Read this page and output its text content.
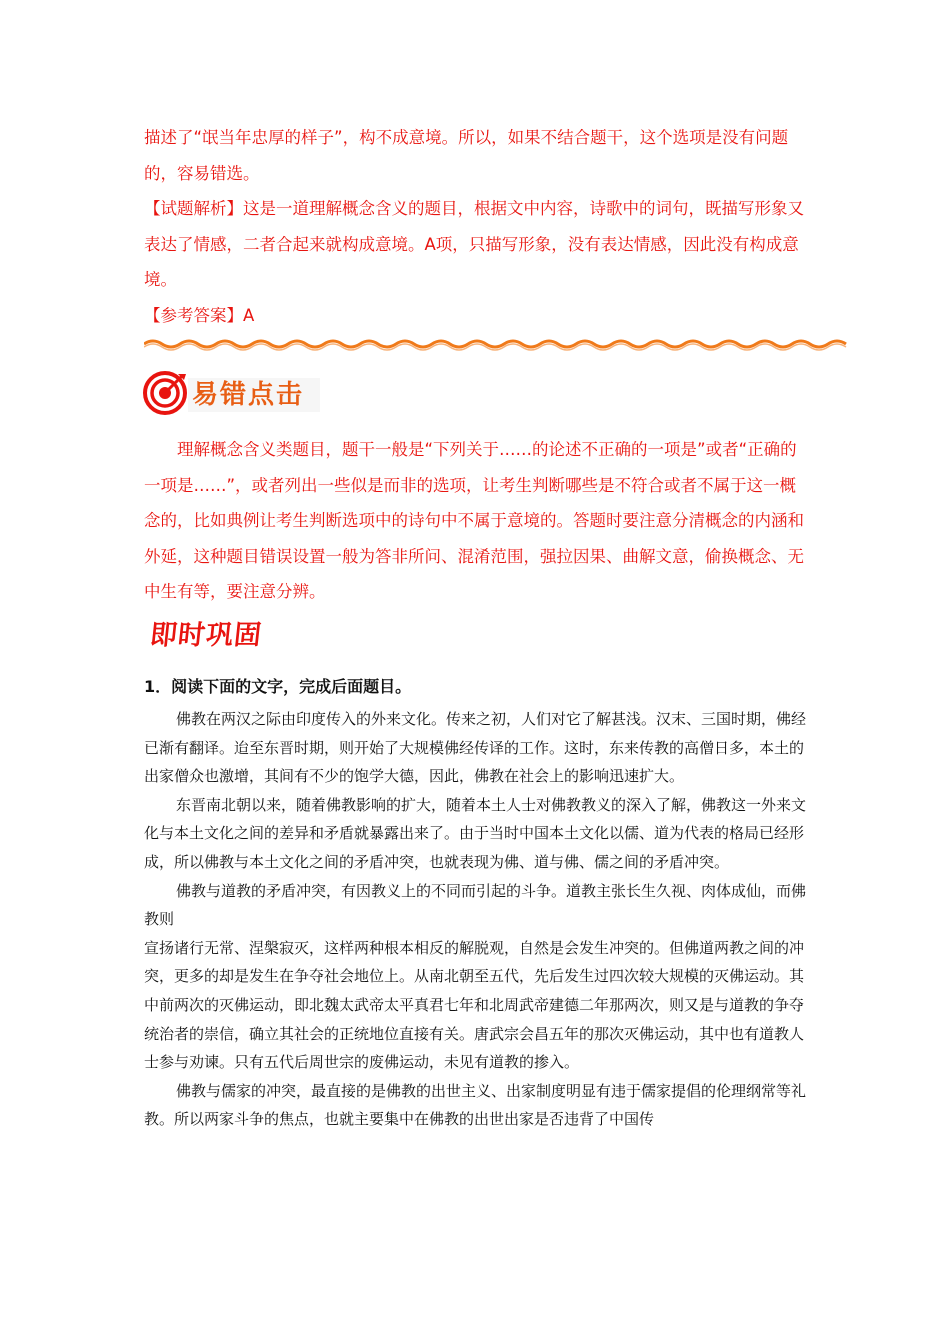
描述了“氓当年忠厚的样子”，构不成意境。所以，如果不结合题干，这个选项是没有问题的，容易错选。

【试题解析】这是一道理解概念含义的题目，根据文中内容，诗歌中的词句，既描写形象又表达了情感，二者合起来就构成意境。A项，只描写形象，没有表达情感，因此没有构成意境。

【参考答案】A

易错点击

理解概念含义类题目，题干一般是“下列关于……的论述不正确的一项是”或者“正确的一项是……”，或者列出一些似是而非的选项，让考生判断哪些是不符合或者不属于这一概念的，比如典例让考生判断选项中的诗句中不属于意境的。答题时要注意分清概念的内涵和外延，这种题目错误设置一般为答非所问、混淆范围，强拉因果、曲解文意，偷换概念、无中生有等，要注意分辨。

即时巩固
1．阅读下面的文字，完成后面题目。

佛教在两汉之际由印度传入的外来文化。传来之初，人们对它了解甚浅。汉末、三国时期，佛经已渐有翻译。迨至东晋时期，则开始了大规模佛经传译的工作。这时，东来传教的高僧日多，本土的出家僧众也激增，其间有不少的饱学大德，因此，佛教在社会上的影响迅速扩大。

东晋南北朝以来，随着佛教影响的扩大，随着本土人士对佛教教义的深入了解，佛教这一外来文化与本土文化之间的差异和矛盾就暴露出来了。由于当时中国本土文化以儒、道为代表的格局已经形成，所以佛教与本土文化之间的矛盾冲突，也就表现为佛、道与佛、儒之间的矛盾冲突。

佛教与道教的矛盾冲突，有因教义上的不同而引起的斗争。道教主张长生久视、肉体成仙，而佛教则

宣扬诸行无常、涅槃寂灭，这样两种根本相反的解脱观，自然是会发生冲突的。但佛道两教之间的冲突，更多的却是发生在争夺社会地位上。从南北朝至五代，先后发生过四次较大规模的灭佛运动。其中前两次的灭佛运动，即北魏太武帝太平真君七年和北周武帝建德二年那两次，则又是与道教的争夺统治者的崇信，确立其社会的正统地位直接有关。唐武宗会昌五年的那次灭佛运动，其中也有道教人士参与劝谏。只有五代后周世宗的废佛运动，未见有道教的掺入。

佛教与儒家的冲突，最直接的是佛教的出世主义、出家制度明显有违于儒家提倡的伦理纲常等礼教。所以两家斗争的焦点，也就主要集中在佛教的出世出家是否违背了中国传
